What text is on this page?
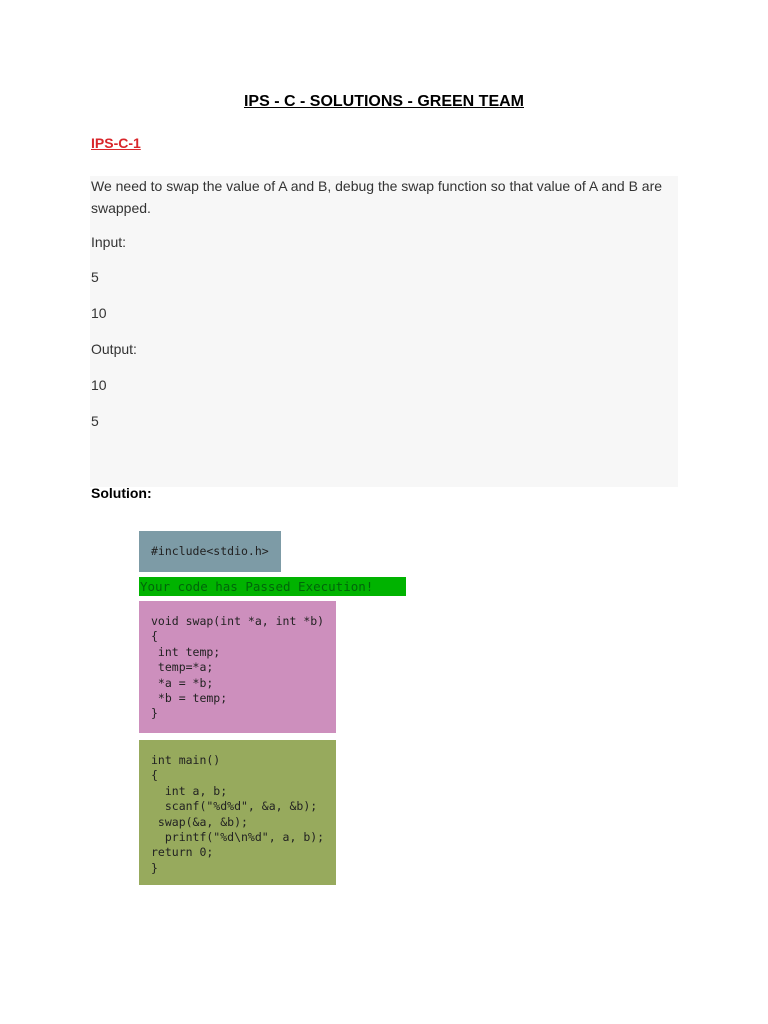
IPS - C - SOLUTIONS - GREEN TEAM
IPS-C-1

We need to swap the value of A and B, debug the swap function so that value of A and B are swapped.

Input:

5

10

Output:

10

5

Solution:

#include<stdio.h>
Your code has Passed Execution!
void swap(int *a, int *b)
{
int temp;
temp=*a;
*a = *b;
*b = temp;
}
int main()
{
int a, b;
scanf("%d%d", &a, &b);
swap(&a, &b);
printf("%d\n%d", a, b);
return 0;
}
